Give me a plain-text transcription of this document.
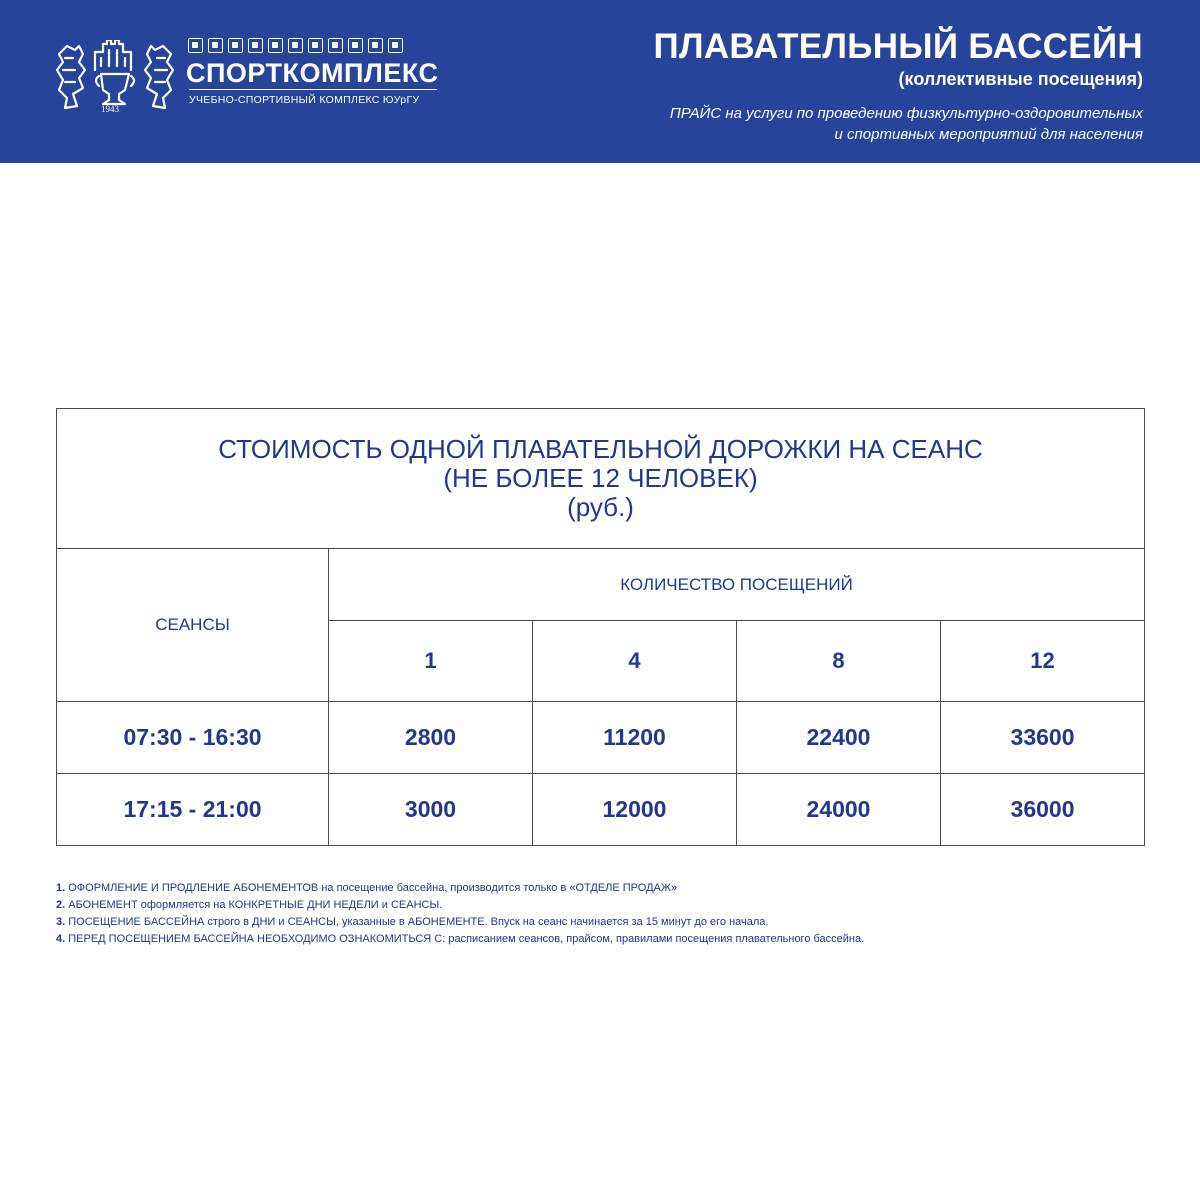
СПОРТКОМПЛЕКС
УЧЕБНО-СПОРТИВНЫЙ КОМПЛЕКС ЮУрГУ
1943
ПЛАВАТЕЛЬНЫЙ БАССЕЙН
(коллективные посещения)
ПРАЙС на услуги по проведению физкультурно-оздоровительных
и спортивных мероприятий для населения
СТОИМОСТЬ ОДНОЙ ПЛАВАТЕЛЬНОЙ ДОРОЖКИ НА СЕАНС
(НЕ БОЛЕЕ 12 ЧЕЛОВЕК)
(руб.)				

СЕАНСЫ	КОЛИЧЕСТВО ПОСЕЩЕНИЙ			
	1	4	8	12
07:30 - 16:30	2800	11200	22400	33600
17:15 - 21:00	3000	12000	24000	36000
1. ОФОРМЛЕНИЕ И ПРОДЛЕНИЕ АБОНЕМЕНТОВ на посещение бассейна, производится только в «ОТДЕЛЕ ПРОДАЖ»
2. АБОНЕМЕНТ оформляется на КОНКРЕТНЫЕ ДНИ НЕДЕЛИ и СЕАНСЫ.
3. ПОСЕЩЕНИЕ БАССЕЙНА строго в ДНИ и СЕАНСЫ, указанные в АБОНЕМЕНТЕ. Впуск на сеанс начинается за 15 минут до его начала.
4. ПЕРЕД ПОСЕЩЕНИЕМ БАССЕЙНА НЕОБХОДИМО ОЗНАКОМИТЬСЯ С: расписанием сеансов, прайсом, правилами посещения плавательного бассейна.
